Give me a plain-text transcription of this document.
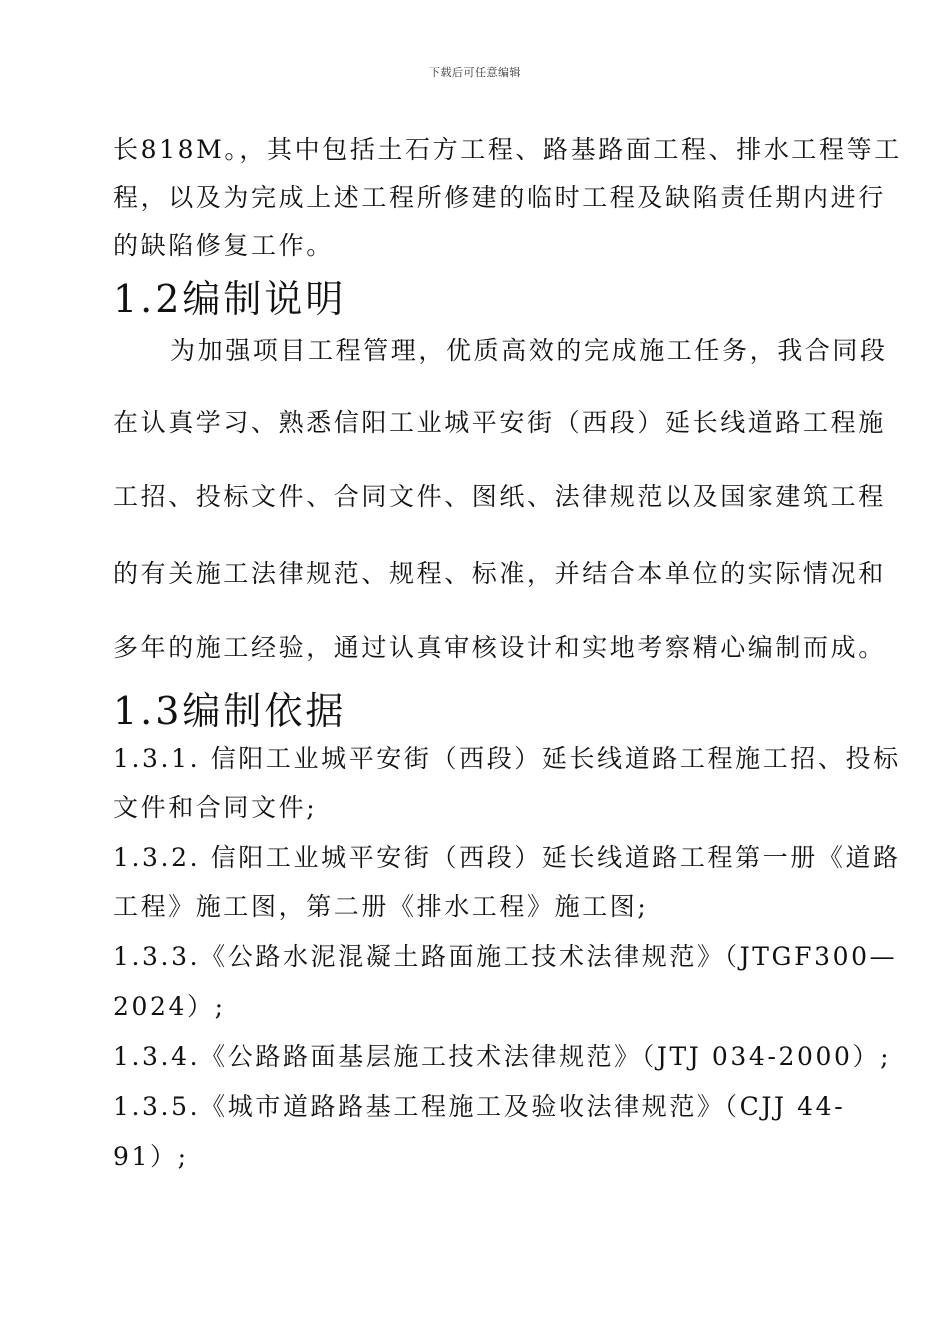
下载后可任意编辑
长818M。，其中包括土石方工程、路基路面工程、排水工程等工
程，以及为完成上述工程所修建的临时工程及缺陷责任期内进行
的缺陷修复工作。
1.2编制说明
为加强项目工程管理，优质高效的完成施工任务，我合同段
在认真学习、熟悉信阳工业城平安街（西段）延长线道路工程施
工招、投标文件、合同文件、图纸、法律规范以及国家建筑工程
的有关施工法律规范、规程、标准，并结合本单位的实际情况和
多年的施工经验，通过认真审核设计和实地考察精心编制而成。
1.3编制依据
1.3.1. 信阳工业城平安街（西段）延长线道路工程施工招、投标
文件和合同文件;
1.3.2. 信阳工业城平安街（西段）延长线道路工程第一册《道路
工程》施工图，第二册《排水工程》施工图;
1.3.3.《公路水泥混凝土路面施工技术法律规范》（JTGF300—
2024）;
1.3.4.《公路路面基层施工技术法律规范》（JTJ 034-2000）;
1.3.5.《城市道路路基工程施工及验收法律规范》（CJJ 44-
91）;
